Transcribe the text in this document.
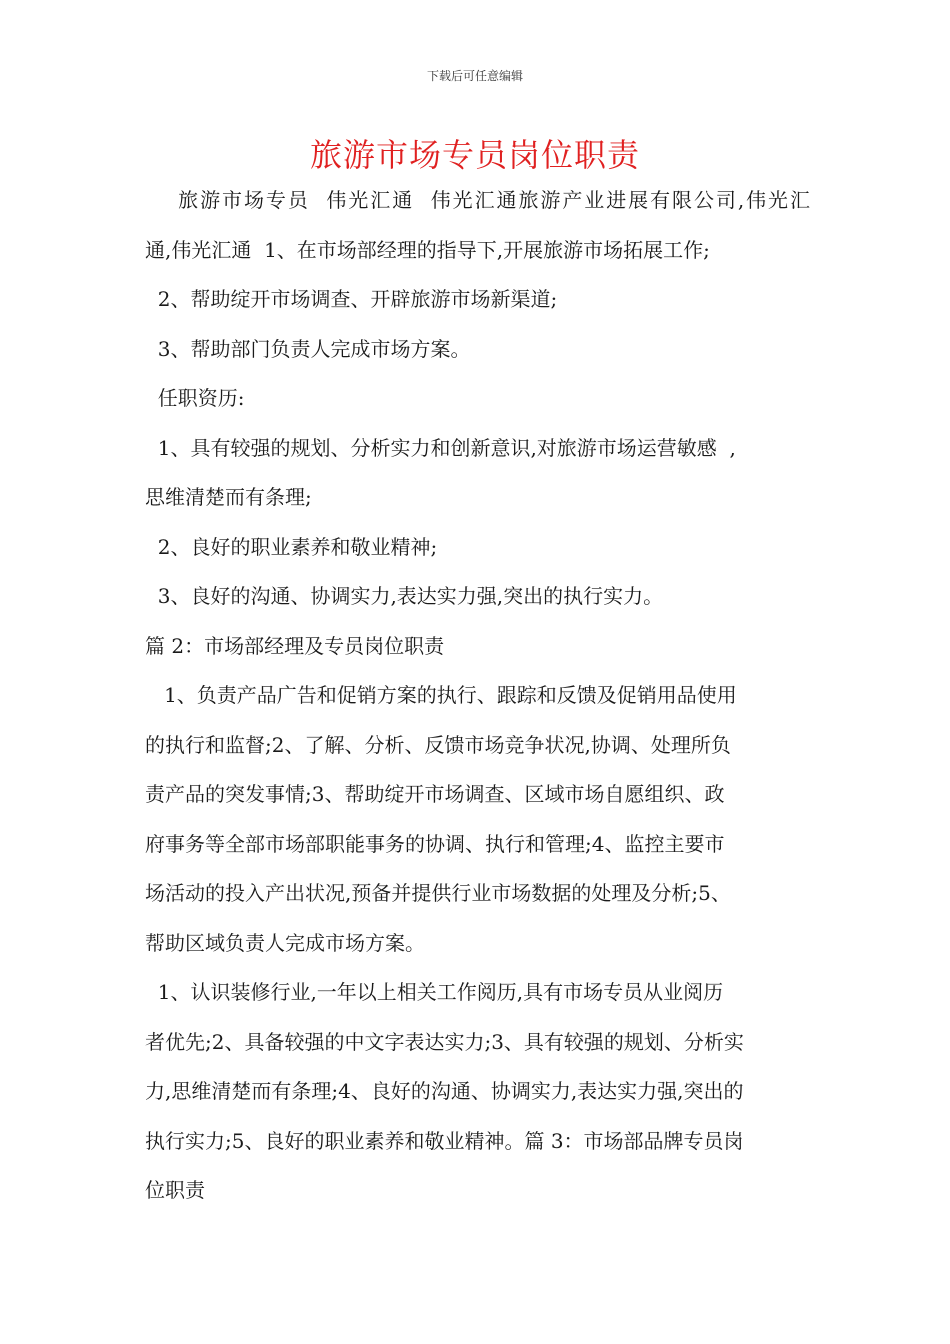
下载后可任意编辑
旅游市场专员岗位职责
旅游市场专员  伟光汇通  伟光汇通旅游产业进展有限公司,伟光汇
通,伟光汇通  1、在市场部经理的指导下,开展旅游市场拓展工作;
2、帮助绽开市场调查、开辟旅游市场新渠道;
3、帮助部门负责人完成市场方案。
任职资历:
1、具有较强的规划、分析实力和创新意识,对旅游市场运营敏感  ,
思维清楚而有条理;
2、良好的职业素养和敬业精神;
3、良好的沟通、协调实力,表达实力强,突出的执行实力。
篇 2：市场部经理及专员岗位职责
1、负责产品广告和促销方案的执行、跟踪和反馈及促销用品使用
的执行和监督;2、了解、分析、反馈市场竞争状况,协调、处理所负
责产品的突发事情;3、帮助绽开市场调查、区域市场自愿组织、政
府事务等全部市场部职能事务的协调、执行和管理;4、监控主要市
场活动的投入产出状况,预备并提供行业市场数据的处理及分析;5、
帮助区域负责人完成市场方案。
1、认识装修行业,一年以上相关工作阅历,具有市场专员从业阅历
者优先;2、具备较强的中文字表达实力;3、具有较强的规划、分析实
力,思维清楚而有条理;4、良好的沟通、协调实力,表达实力强,突出的
执行实力;5、良好的职业素养和敬业精神。篇 3：市场部品牌专员岗
位职责
